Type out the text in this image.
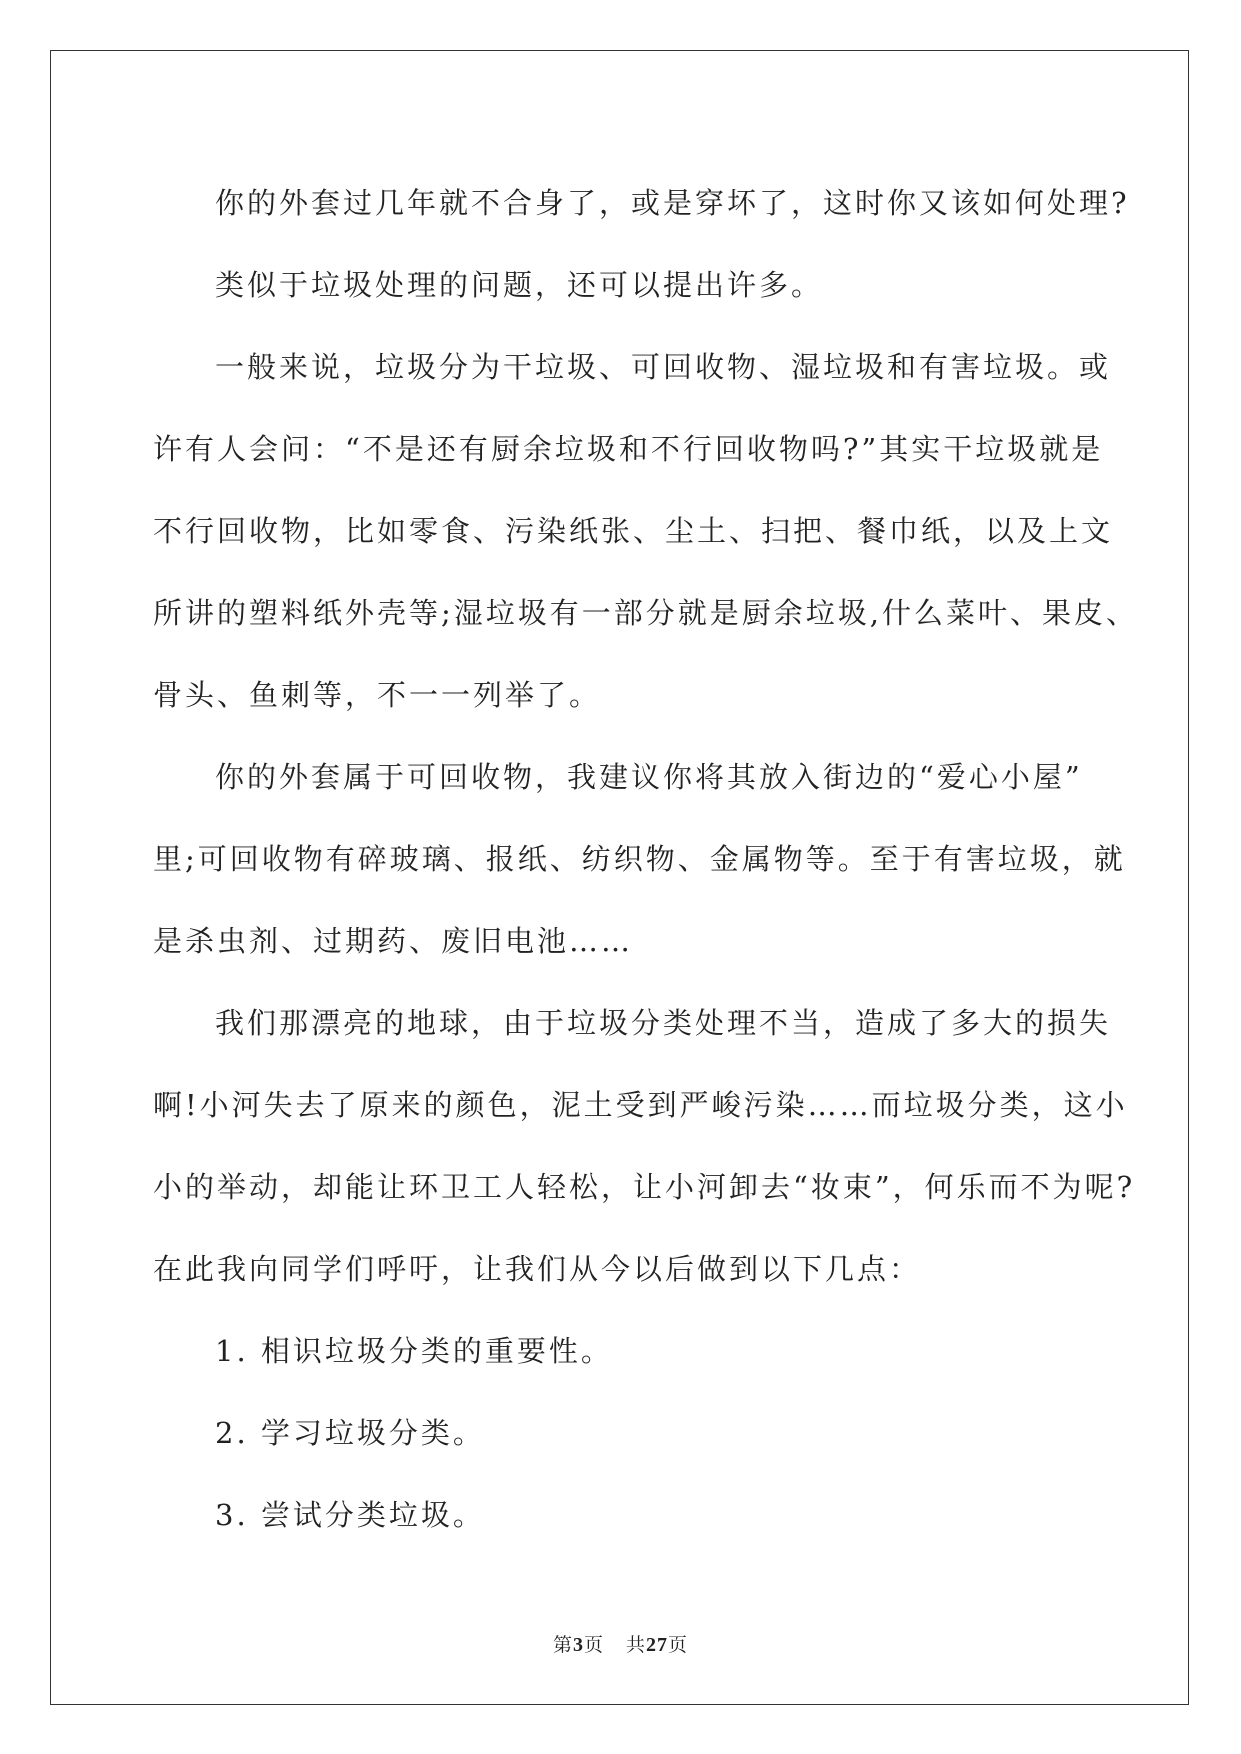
你的外套过几年就不合身了，或是穿坏了，这时你又该如何处理?

类似于垃圾处理的问题，还可以提出许多。

一般来说，垃圾分为干垃圾、可回收物、湿垃圾和有害垃圾。或

许有人会问：“不是还有厨余垃圾和不行回收物吗?”其实干垃圾就是

不行回收物，比如零食、污染纸张、尘土、扫把、餐巾纸，以及上文

所讲的塑料纸外壳等;湿垃圾有一部分就是厨余垃圾,什么菜叶、果皮、

骨头、鱼刺等，不一一列举了。

你的外套属于可回收物，我建议你将其放入街边的“爱心小屋”

里;可回收物有碎玻璃、报纸、纺织物、金属物等。至于有害垃圾，就

是杀虫剂、过期药、废旧电池……

我们那漂亮的地球，由于垃圾分类处理不当，造成了多大的损失

啊!小河失去了原来的颜色，泥土受到严峻污染……而垃圾分类，这小

小的举动，却能让环卫工人轻松，让小河卸去“妆束”，何乐而不为呢?

在此我向同学们呼吁，让我们从今以后做到以下几点：

1. 相识垃圾分类的重要性。

2. 学习垃圾分类。

3. 尝试分类垃圾。

第3页 共27页
